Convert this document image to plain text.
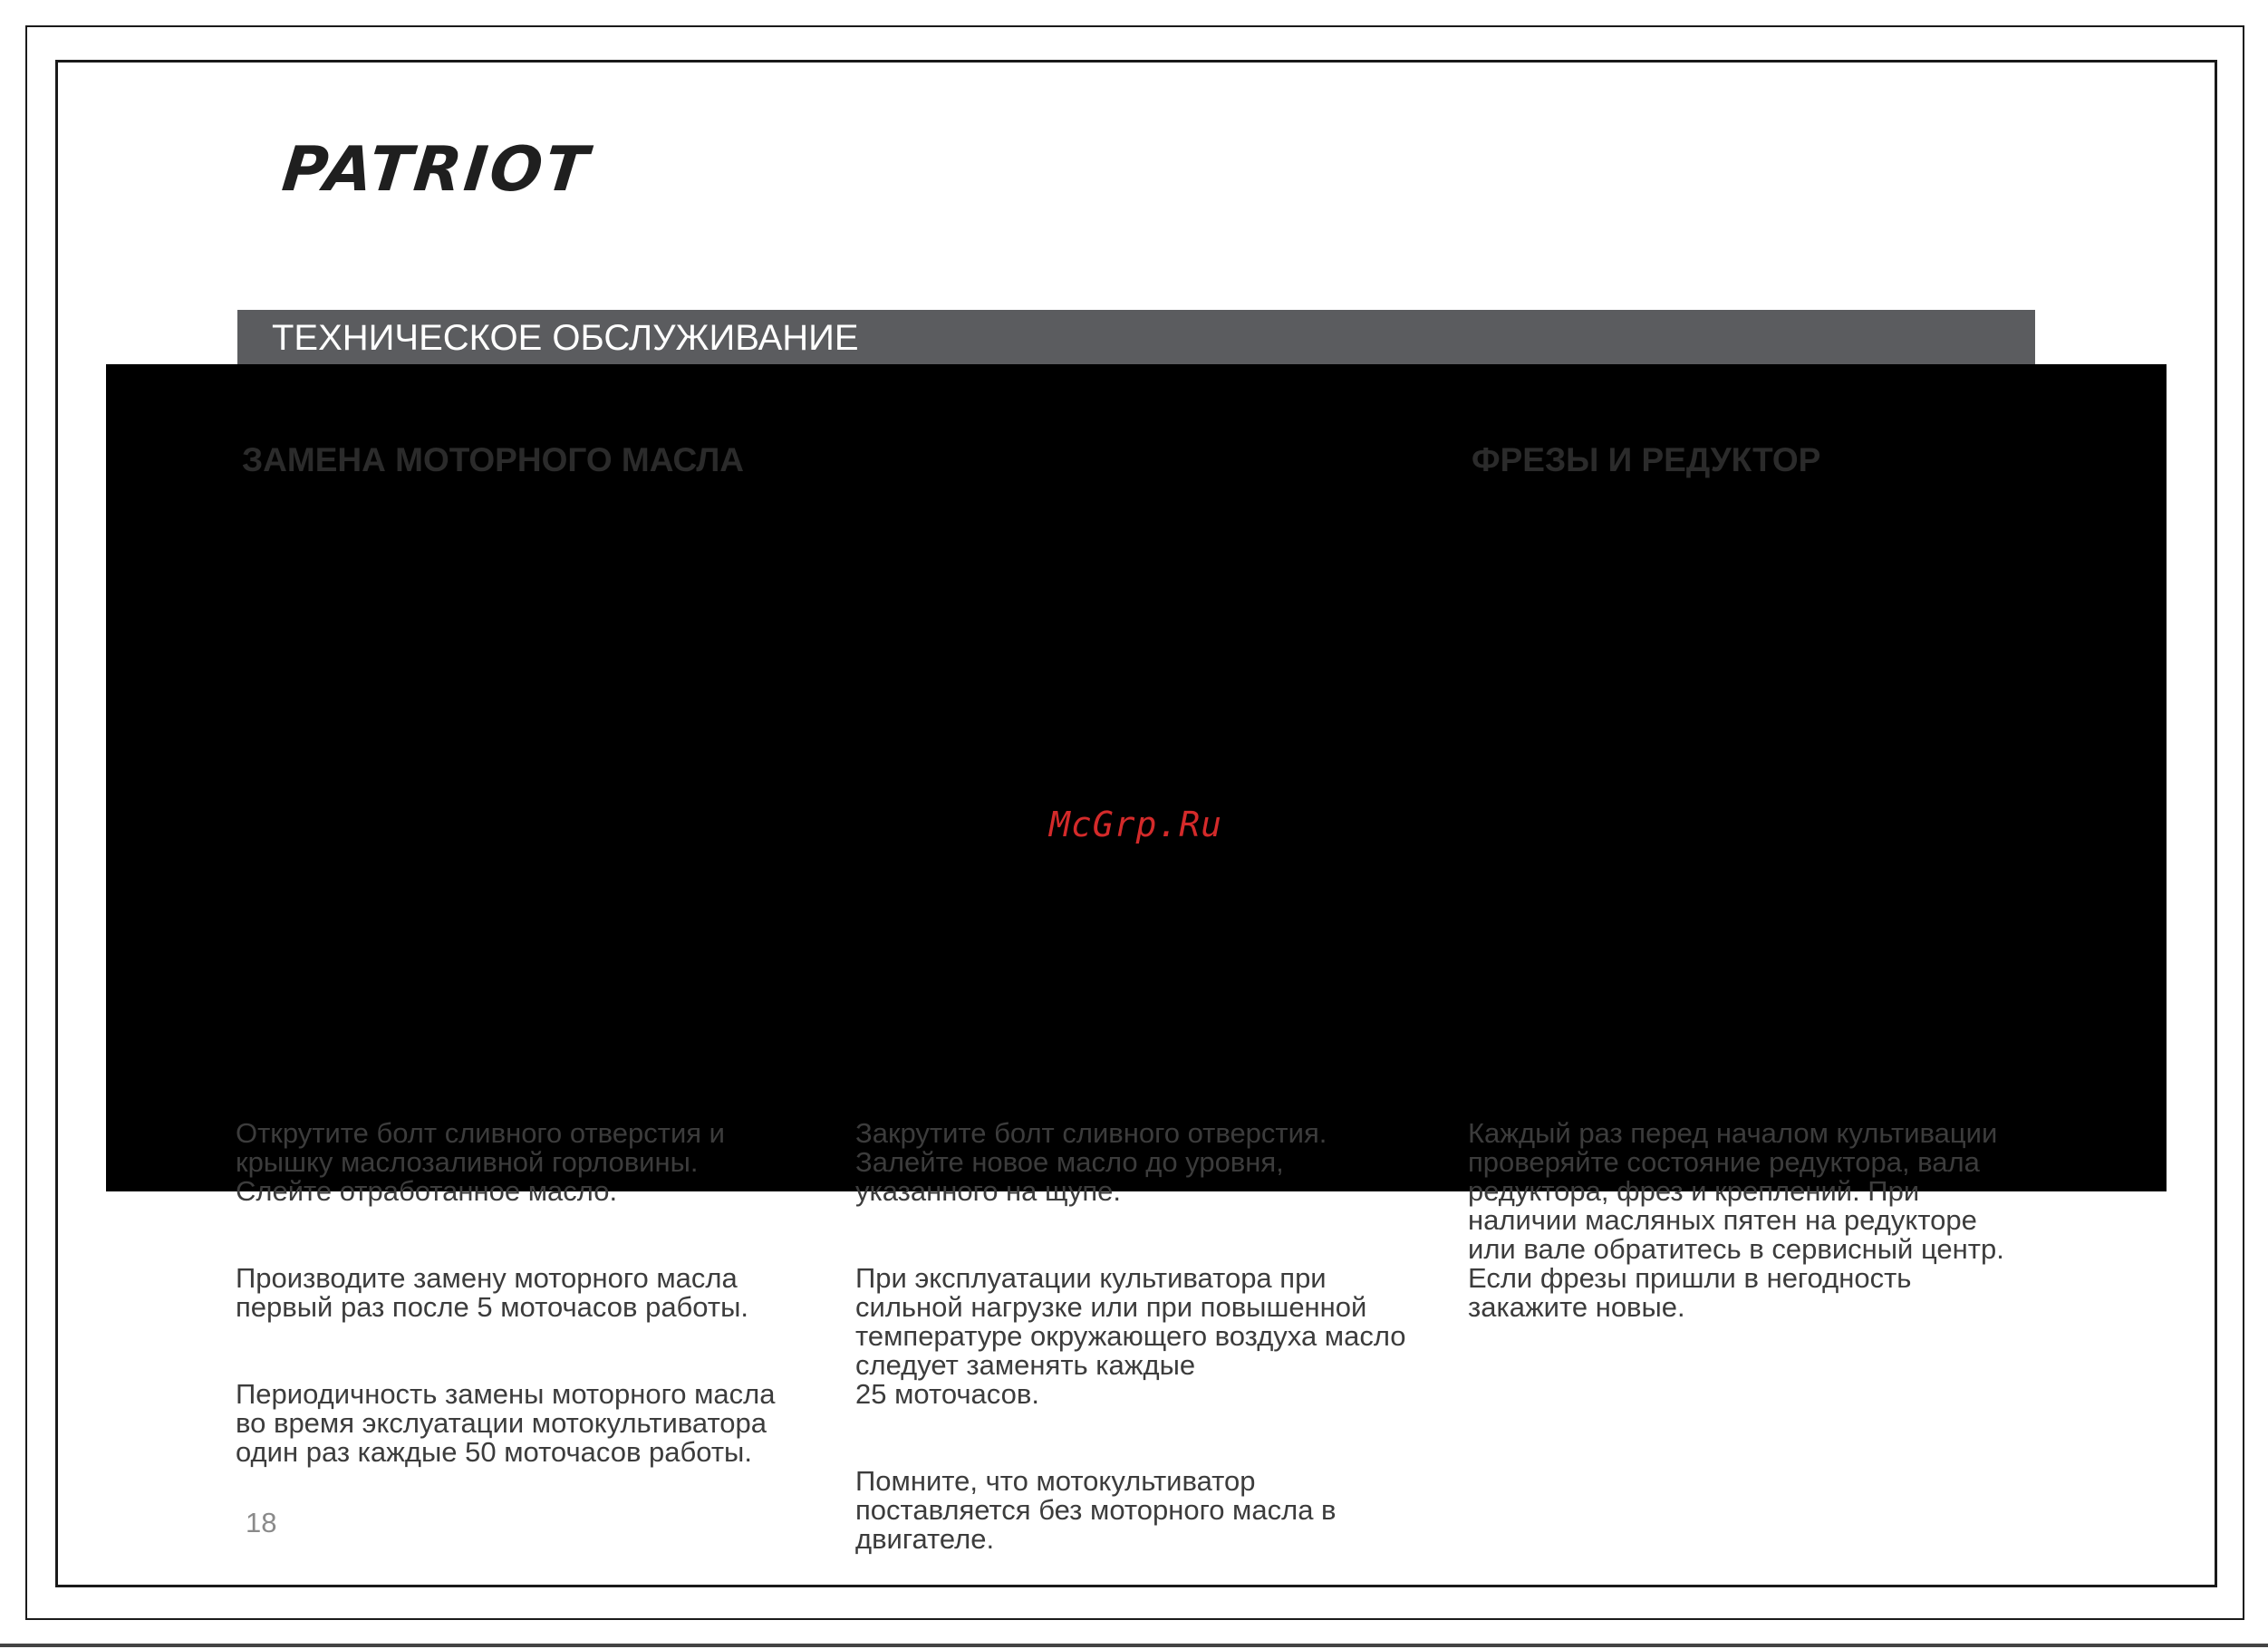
PATRIOT
ТЕХНИЧЕСКОЕ ОБСЛУЖИВАНИЕ
ЗАМЕНА МОТОРНОГО МАСЛА	ФРЕЗЫ И РЕДУКТОР
McGrp.Ru

Открутите болт сливного отверстия и
крышку маслозаливной горловины.
Слейте отработанное масло.

Производите замену моторного масла
первый раз после 5 моточасов работы.

Периодичность замены моторного масла
во время экслуатации мотокультиватора
один раз каждые 50 моточасов работы.

Закрутите болт сливного отверстия.
Залейте новое масло до уровня,
указанного на щупе.

При эксплуатации культиватора при
сильной нагрузке или при повышенной
температуре окружающего воздуха масло
следует заменять каждые
25 моточасов.

Помните, что мотокультиватор
поставляется без моторного масла в
двигателе.

Каждый раз перед началом культивации
проверяйте состояние редуктора, вала
редуктора, фрез и креплений. При
наличии масляных пятен на редукторе
или вале обратитесь в сервисный центр.
Если фрезы пришли в негодность
закажите новые.

18
